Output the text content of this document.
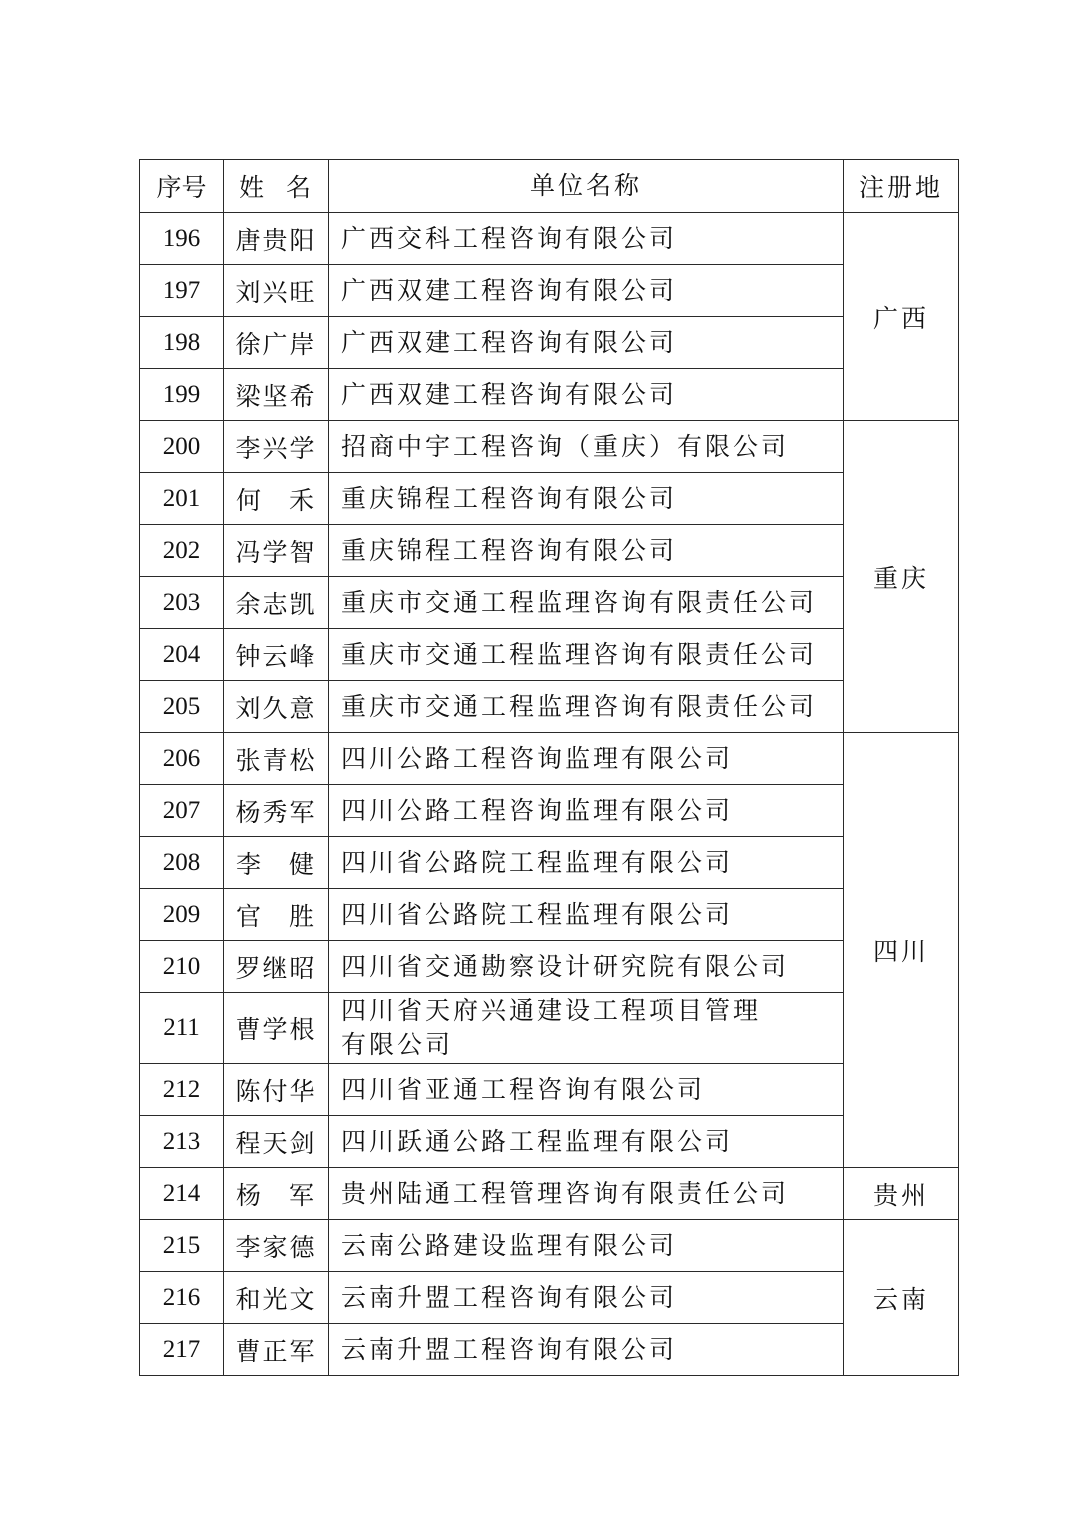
序号	姓  名	单位名称	注册地
196	唐贵阳	广西交科工程咨询有限公司	广西
197	刘兴旺	广西双建工程咨询有限公司	
198	徐广岸	广西双建工程咨询有限公司	
199	梁坚希	广西双建工程咨询有限公司	
200	李兴学	招商中宇工程咨询（重庆）有限公司	重庆
201	何禾	重庆锦程工程咨询有限公司	
202	冯学智	重庆锦程工程咨询有限公司	
203	余志凯	重庆市交通工程监理咨询有限责任公司	
204	钟云峰	重庆市交通工程监理咨询有限责任公司	
205	刘久意	重庆市交通工程监理咨询有限责任公司	
206	张青松	四川公路工程咨询监理有限公司	四川
207	杨秀军	四川公路工程咨询监理有限公司	
208	李健	四川省公路院工程监理有限公司	
209	官胜	四川省公路院工程监理有限公司	
210	罗继昭	四川省交通勘察设计研究院有限公司	
211	曹学根	四川省天府兴通建设工程项目管理
有限公司	
212	陈付华	四川省亚通工程咨询有限公司	
213	程天剑	四川跃通公路工程监理有限公司	
214	杨军	贵州陆通工程管理咨询有限责任公司	贵州
215	李家德	云南公路建设监理有限公司	云南
216	和光文	云南升盟工程咨询有限公司	
217	曹正军	云南升盟工程咨询有限公司	
